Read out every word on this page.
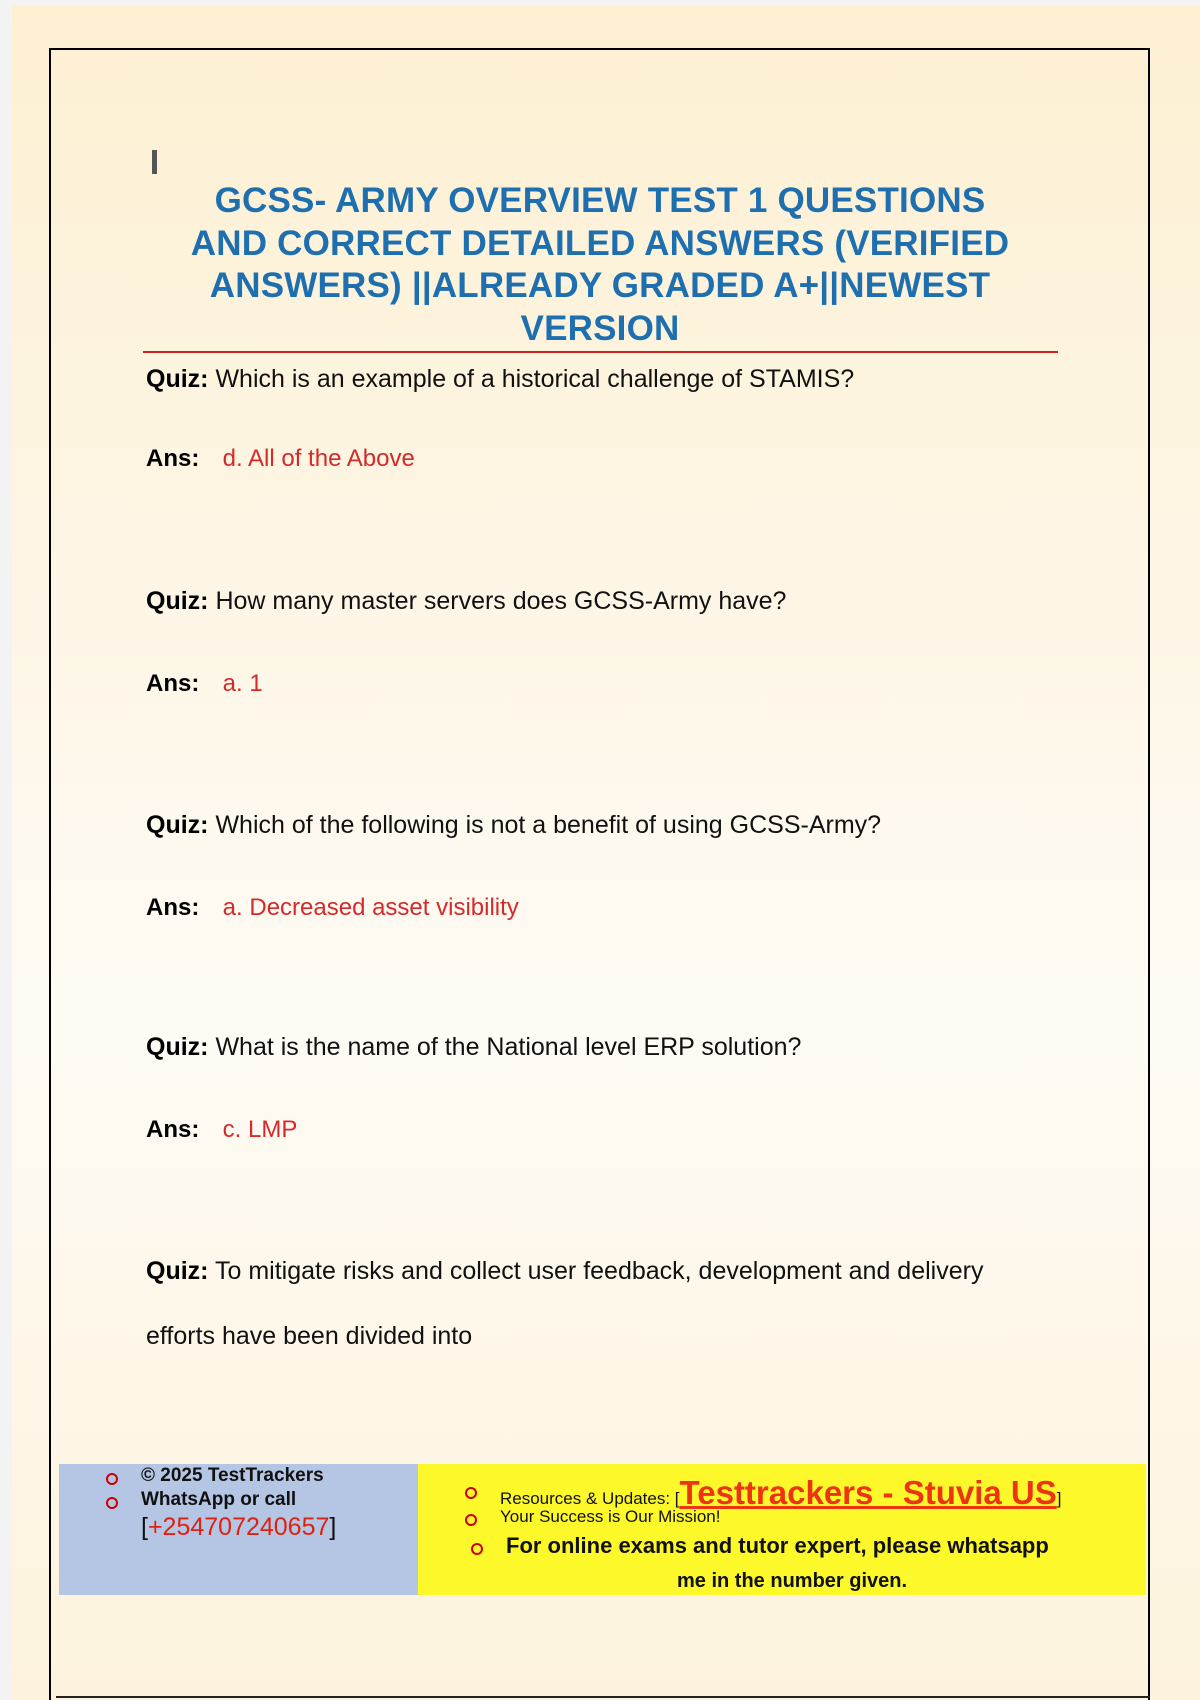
GCSS- ARMY OVERVIEW TEST 1 QUESTIONS
AND CORRECT DETAILED ANSWERS (VERIFIED
ANSWERS) ||ALREADY GRADED A+||NEWEST
VERSION
Quiz: Which is an example of a historical challenge of STAMIS?
Ans: d. All of the Above
Quiz: How many master servers does GCSS-Army have?
Ans: a. 1
Quiz: Which of the following is not a benefit of using GCSS-Army?
Ans: a. Decreased asset visibility
Quiz: What is the name of the National level ERP solution?
Ans: c. LMP
Quiz: To mitigate risks and collect user feedback, development and delivery
efforts have been divided into
© 2025 TestTrackers
WhatsApp or call
[+254707240657]
Resources & Updates: [Testtrackers - Stuvia US]
Your Success is Our Mission!
For online exams and tutor expert, please whatsapp
me in the number given.
